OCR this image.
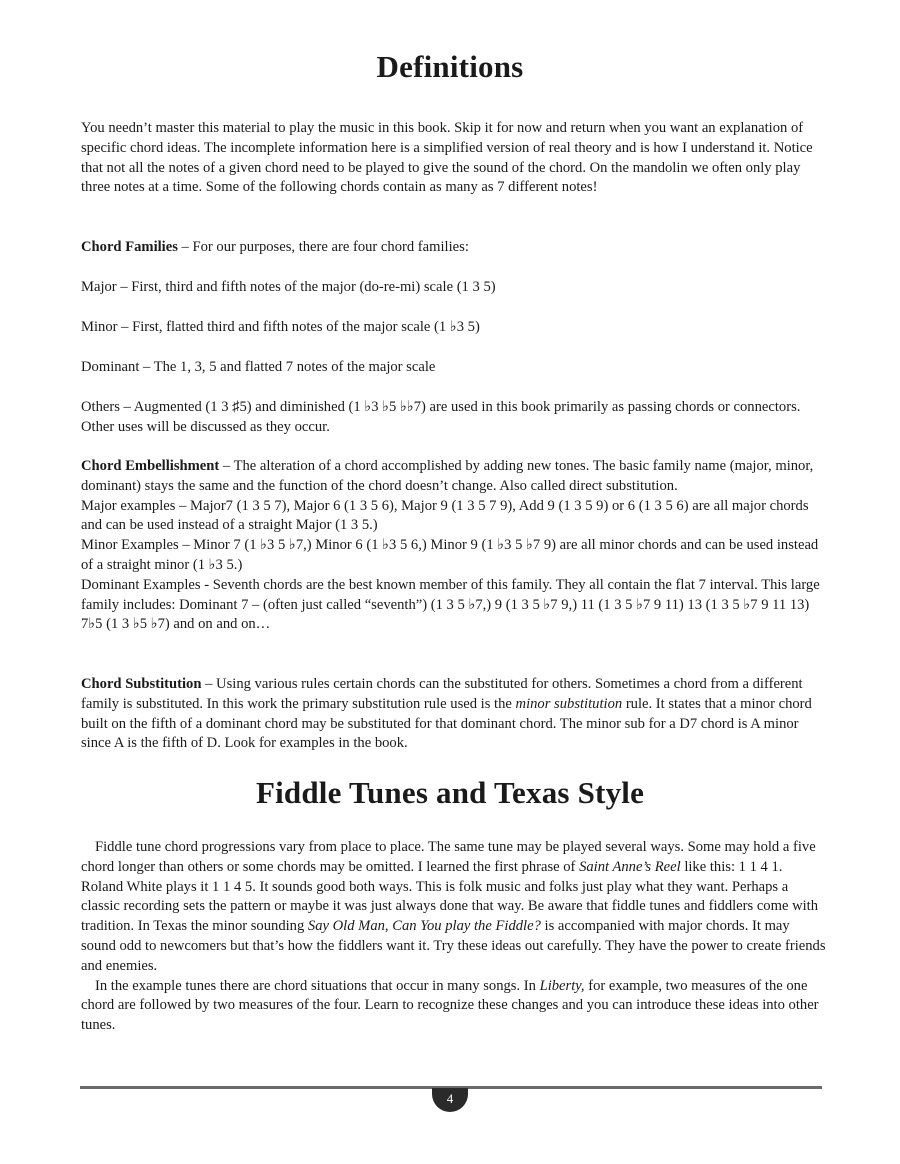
Definitions

You needn’t master this material to play the music in this book. Skip it for now and return when you want an explanation of specific chord ideas. The incomplete information here is a simplified version of real theory and is how I understand it. Notice that not all the notes of a given chord need to be played to give the sound of the chord. On the mandolin we often only play three notes at a time. Some of the following chords contain as many as 7 different notes!

Chord Families – For our purposes, there are four chord families:

Major – First, third and fifth notes of the major (do-re-mi) scale (1 3 5)

Minor – First, flatted third and fifth notes of the major scale (1 ♭3 5)

Dominant – The 1, 3, 5 and flatted 7 notes of the major scale

Others – Augmented (1 3 ♯5) and diminished (1 ♭3 ♭5 ♭♭7) are used in this book primarily as passing chords or connectors. Other uses will be discussed as they occur.

Chord Embellishment – The alteration of a chord accomplished by adding new tones. The basic family name (major, minor, dominant) stays the same and the function of the chord doesn’t change. Also called direct substitution.

Major examples – Major7 (1 3 5 7), Major 6 (1 3 5 6), Major 9 (1 3 5 7 9), Add 9 (1 3 5 9) or 6 (1 3 5 6) are all major chords and can be used instead of a straight Major (1 3 5.)

Minor Examples – Minor 7 (1 ♭3 5 ♭7,) Minor 6 (1 ♭3 5 6,) Minor 9 (1 ♭3 5 ♭7 9) are all minor chords and can be used instead of a straight minor (1 ♭3 5.)

Dominant Examples - Seventh chords are the best known member of this family. They all contain the flat 7 interval. This large family includes: Dominant 7 – (often just called “seventh”) (1 3 5 ♭7,) 9 (1 3 5 ♭7 9,) 11 (1 3 5 ♭7 9 11) 13 (1 3 5 ♭7 9 11 13) 7♭5 (1 3 ♭5 ♭7) and on and on…

Chord Substitution – Using various rules certain chords can the substituted for others. Sometimes a chord from a different family is substituted. In this work the primary substitution rule used is the minor substitution rule. It states that a minor chord built on the fifth of a dominant chord may be substituted for that dominant chord. The minor sub for a D7 chord is A minor since A is the fifth of D. Look for examples in the book.

Fiddle Tunes and Texas Style

Fiddle tune chord progressions vary from place to place. The same tune may be played several ways. Some may hold a five chord longer than others or some chords may be omitted. I learned the first phrase of Saint Anne’s Reel like this: 1 1 4 1. Roland White plays it 1 1 4 5. It sounds good both ways. This is folk music and folks just play what they want. Perhaps a classic recording sets the pattern or maybe it was just always done that way. Be aware that fiddle tunes and fiddlers come with tradition. In Texas the minor sounding Say Old Man, Can You play the Fiddle? is accompanied with major chords. It may sound odd to newcomers but that’s how the fiddlers want it. Try these ideas out carefully. They have the power to create friends and enemies.

In the example tunes there are chord situations that occur in many songs. In Liberty, for example, two measures of the one chord are followed by two measures of the four. Learn to recognize these changes and you can introduce these ideas into other tunes.

4
